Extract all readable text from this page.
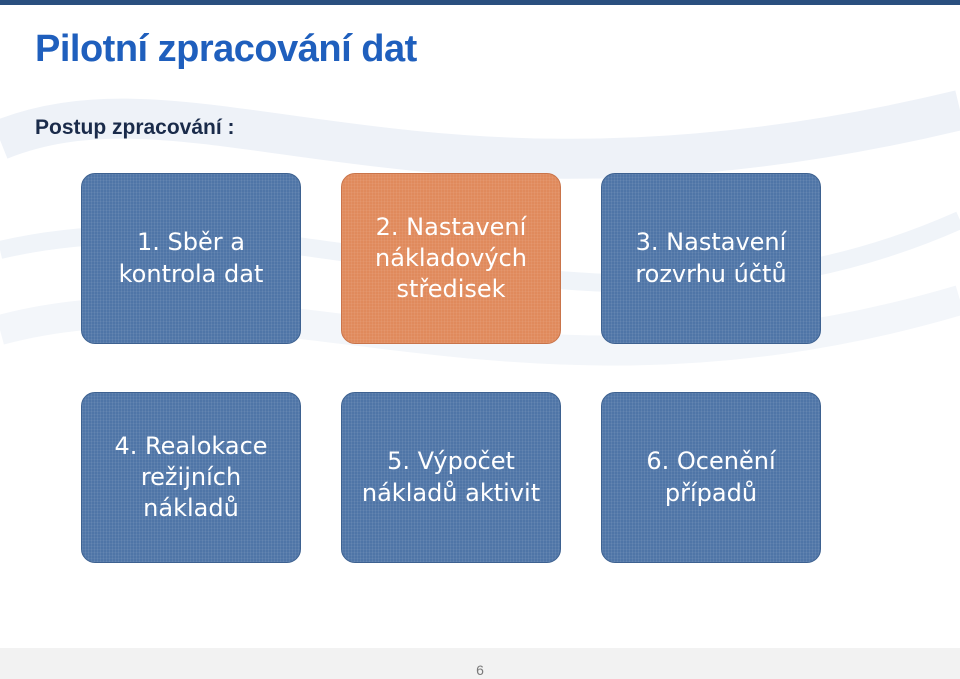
Pilotní zpracování dat
Postup zpracování :
1. Sběr a
kontrola dat
2. Nastavení
nákladových
středisek
3. Nastavení
rozvrhu účtů
4. Realokace
režijních
nákladů
5. Výpočet
nákladů aktivit
6. Ocenění
případů
6
